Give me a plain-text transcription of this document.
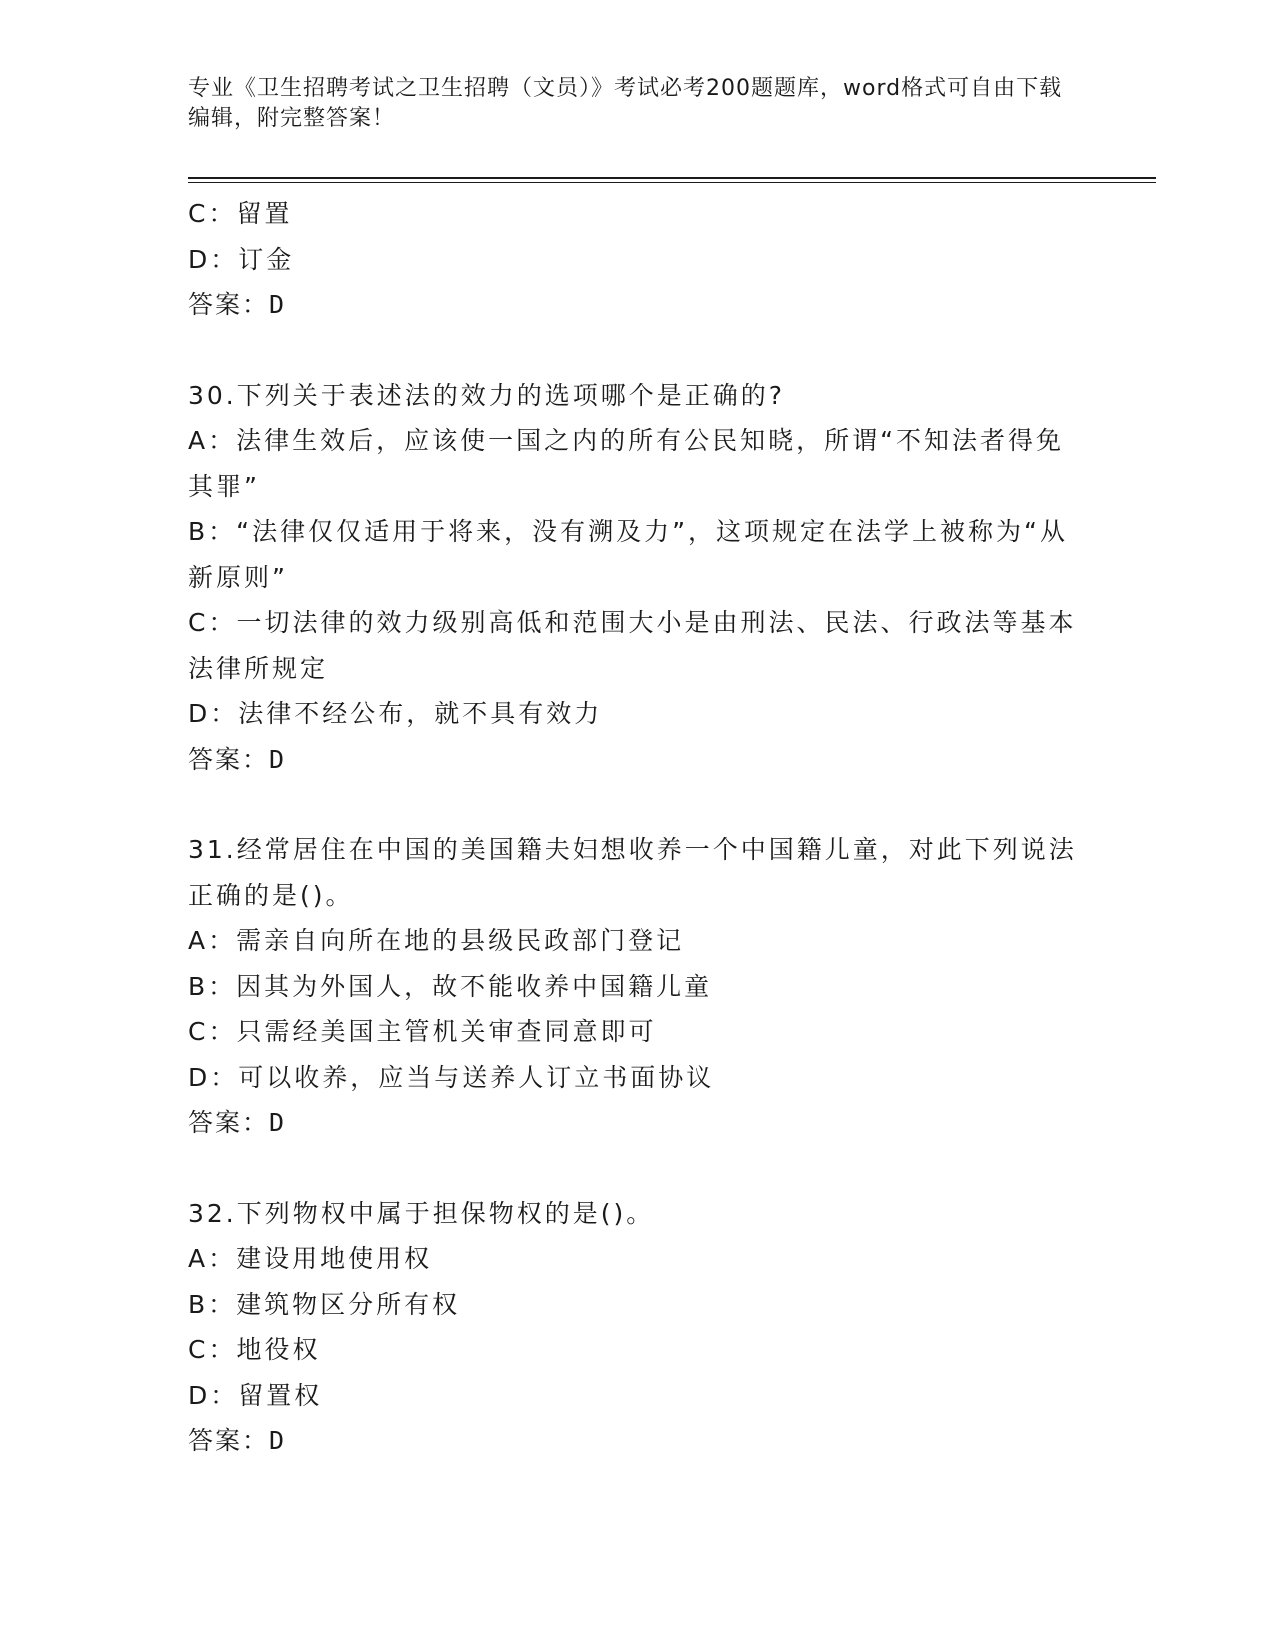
专业《卫生招聘考试之卫生招聘（文员）》考试必考200题题库，word格式可自由下载编辑，附完整答案！
C：留置
D：订金
答案：D
30.下列关于表述法的效力的选项哪个是正确的?
A：法律生效后，应该使一国之内的所有公民知晓，所谓“不知法者得免其罪”
B：“法律仅仅适用于将来，没有溯及力”，这项规定在法学上被称为“从新原则”
C：一切法律的效力级别高低和范围大小是由刑法、民法、行政法等基本法律所规定
D：法律不经公布，就不具有效力
答案：D
31.经常居住在中国的美国籍夫妇想收养一个中国籍儿童，对此下列说法正确的是()。
A：需亲自向所在地的县级民政部门登记
B：因其为外国人，故不能收养中国籍儿童
C：只需经美国主管机关审查同意即可
D：可以收养，应当与送养人订立书面协议
答案：D
32.下列物权中属于担保物权的是()。
A：建设用地使用权
B：建筑物区分所有权
C：地役权
D：留置权
答案：D
